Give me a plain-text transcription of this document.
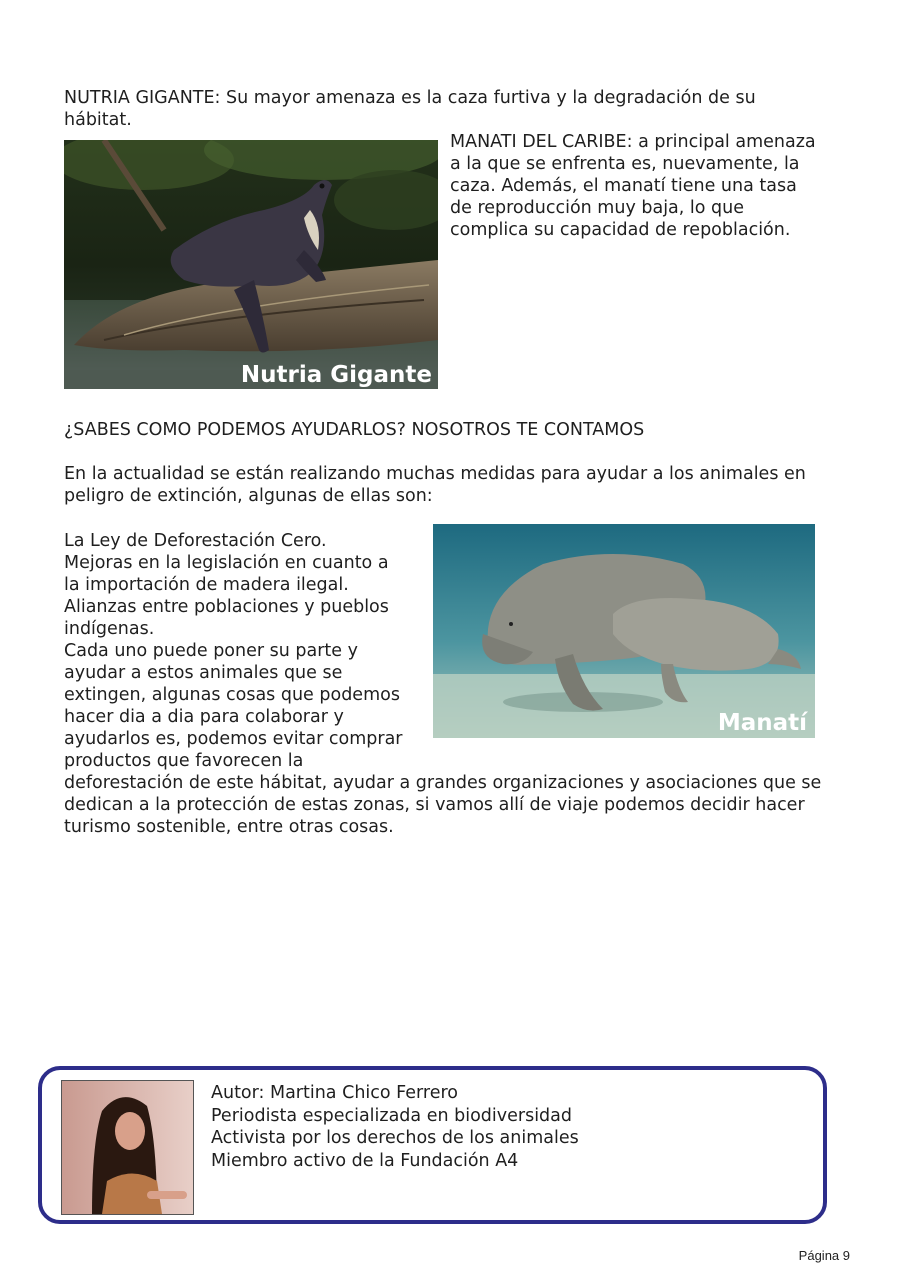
NUTRIA GIGANTE: Su mayor amenaza es la caza furtiva y la degradación de su hábitat.

Nutria Gigante

MANATI DEL CARIBE: a principal amenaza a la que se enfrenta es, nuevamente, la caza. Además, el manatí tiene una tasa de reproducción muy baja, lo que complica su capacidad de repoblación.

¿SABES COMO PODEMOS AYUDARLOS? NOSOTROS TE CONTAMOS

En la actualidad se están realizando muchas medidas para ayudar a los animales en peligro de extinción, algunas de ellas son:

La Ley de Deforestación Cero.
Mejoras en la legislación en cuanto a
la importación de madera ilegal.
Alianzas entre poblaciones y pueblos
indígenas.
Cada uno puede poner su parte y
ayudar a estos animales que se
extingen, algunas cosas que podemos
hacer dia a dia para colaborar y
ayudarlos es, podemos evitar comprar
productos que favorecen la
Manatí

deforestación de este hábitat, ayudar a grandes organizaciones y asociaciones que se dedican a la protección de estas zonas, si vamos allí de viaje podemos decidir hacer turismo sostenible, entre otras cosas.

Autor: Martina Chico Ferrero
Periodista especializada en biodiversidad
Activista por los derechos de los animales
Miembro activo de la Fundación A4
Página 9
